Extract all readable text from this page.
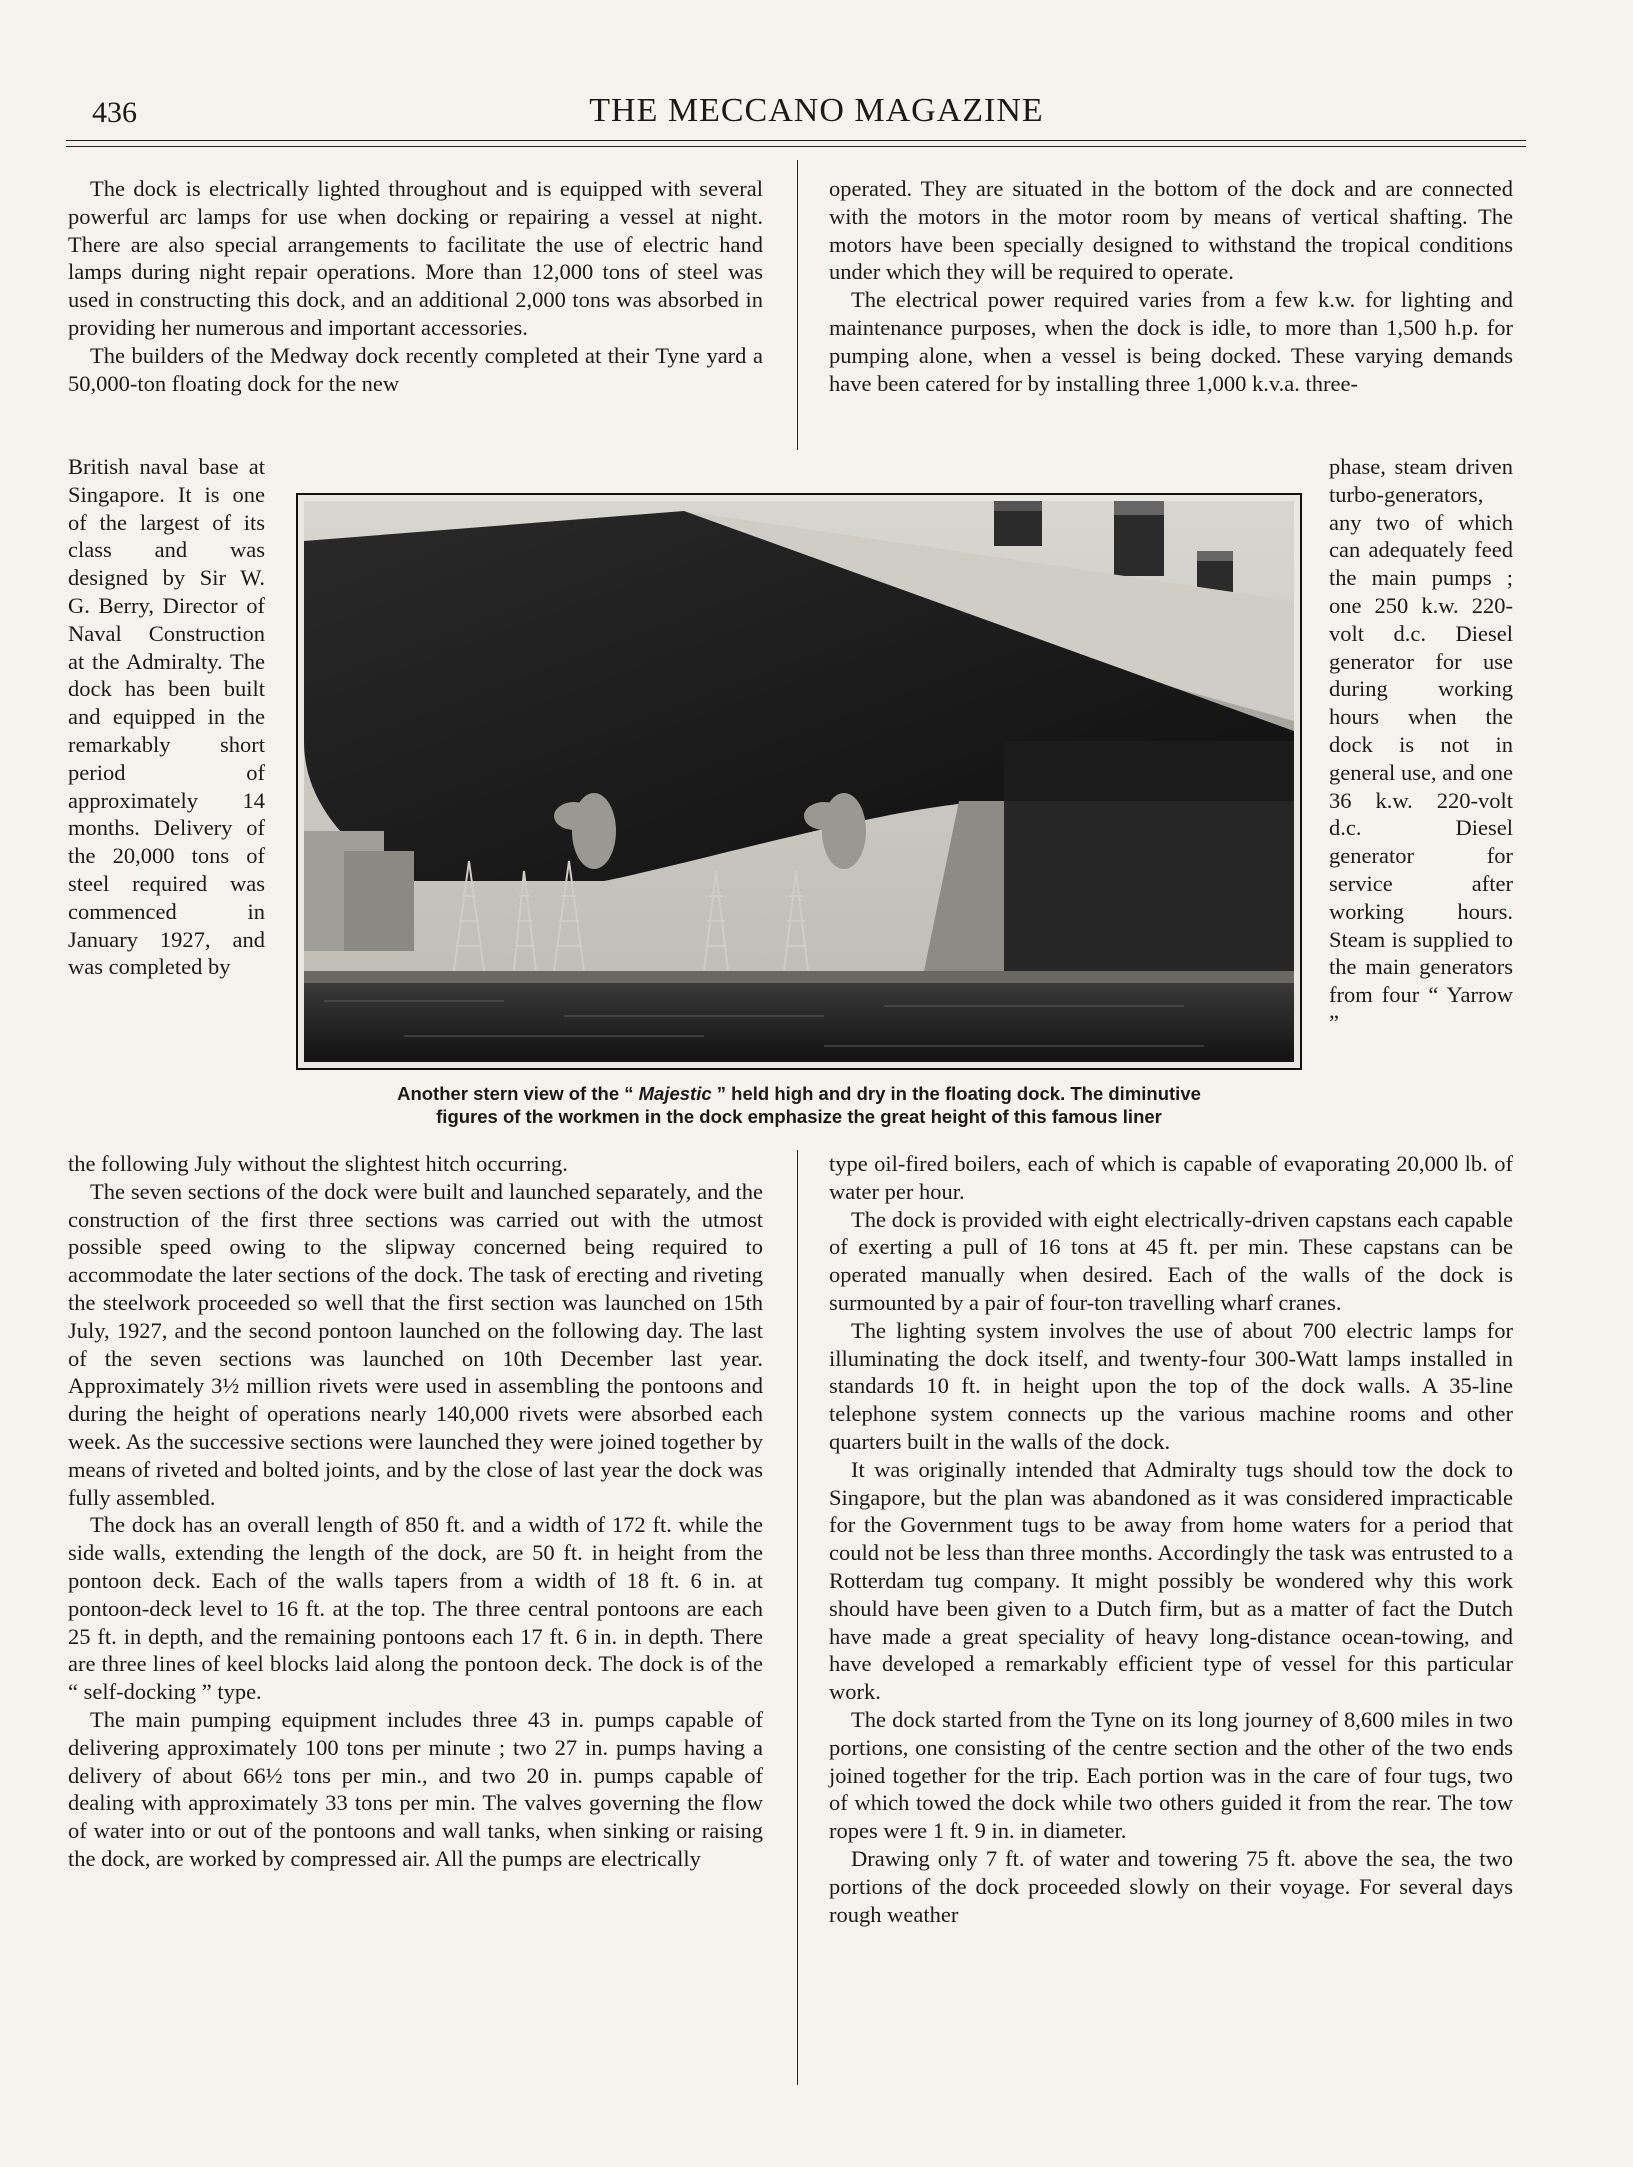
436	THE MECCANO MAGAZINE

The dock is electrically lighted throughout and is equipped with several powerful arc lamps for use when docking or repairing a vessel at night. There are also special arrangements to facilitate the use of electric hand lamps during night repair operations. More than 12,000 tons of steel was used in constructing this dock, and an additional 2,000 tons was absorbed in providing her numerous and important accessories.

The builders of the Medway dock recently completed at their Tyne yard a 50,000-ton floating dock for the new

British naval base at Singapore. It is one of the largest of its class and was designed by Sir W. G. Berry, Director of Naval Construction at the Admiralty. The dock has been built and equipped in the remarkably short period of approximately 14 months. Delivery of the 20,000 tons of steel required was commenced in January 1927, and was completed by

the following July without the slightest hitch occurring.

The seven sections of the dock were built and launched separately, and the construction of the first three sections was carried out with the utmost possible speed owing to the slipway concerned being required to accommodate the later sections of the dock. The task of erecting and riveting the steelwork proceeded so well that the first section was launched on 15th July, 1927, and the second pontoon launched on the following day. The last of the seven sections was launched on 10th December last year. Approximately 3½ million rivets were used in assembling the pontoons and during the height of operations nearly 140,000 rivets were absorbed each week. As the successive sections were launched they were joined together by means of riveted and bolted joints, and by the close of last year the dock was fully assembled.

The dock has an overall length of 850 ft. and a width of 172 ft. while the side walls, extending the length of the dock, are 50 ft. in height from the pontoon deck. Each of the walls tapers from a width of 18 ft. 6 in. at pontoon-deck level to 16 ft. at the top. The three central pontoons are each 25 ft. in depth, and the remaining pontoons each 17 ft. 6 in. in depth. There are three lines of keel blocks laid along the pontoon deck. The dock is of the “ self-docking ” type.

The main pumping equipment includes three 43 in. pumps capable of delivering approximately 100 tons per minute ; two 27 in. pumps having a delivery of about 66½ tons per min., and two 20 in. pumps capable of dealing with approximately 33 tons per min. The valves governing the flow of water into or out of the pontoons and wall tanks, when sinking or raising the dock, are worked by compressed air. All the pumps are electrically

operated. They are situated in the bottom of the dock and are connected with the motors in the motor room by means of vertical shafting. The motors have been specially designed to withstand the tropical conditions under which they will be required to operate.

The electrical power required varies from a few k.w. for lighting and maintenance purposes, when the dock is idle, to more than 1,500 h.p. for pumping alone, when a vessel is being docked. These varying demands have been catered for by installing three 1,000 k.v.a. three-

phase, steam driven turbo-generators, any two of which can adequately feed the main pumps ; one 250 k.w. 220-volt d.c. Diesel generator for use during working hours when the dock is not in general use, and one 36 k.w. 220-volt d.c. Diesel generator for service after working hours. Steam is supplied to the main generators from four “ Yarrow ”

type oil-fired boilers, each of which is capable of evaporating 20,000 lb. of water per hour.

The dock is provided with eight electrically-driven capstans each capable of exerting a pull of 16 tons at 45 ft. per min. These capstans can be operated manually when desired. Each of the walls of the dock is surmounted by a pair of four-ton travelling wharf cranes.

The lighting system involves the use of about 700 electric lamps for illuminating the dock itself, and twenty-four 300-Watt lamps installed in standards 10 ft. in height upon the top of the dock walls. A 35-line telephone system connects up the various machine rooms and other quarters built in the walls of the dock.

It was originally intended that Admiralty tugs should tow the dock to Singapore, but the plan was abandoned as it was considered impracticable for the Government tugs to be away from home waters for a period that could not be less than three months. Accordingly the task was entrusted to a Rotterdam tug company. It might possibly be wondered why this work should have been given to a Dutch firm, but as a matter of fact the Dutch have made a great speciality of heavy long-distance ocean-towing, and have developed a remarkably efficient type of vessel for this particular work.

The dock started from the Tyne on its long journey of 8,600 miles in two portions, one consisting of the centre section and the other of the two ends joined together for the trip. Each portion was in the care of four tugs, two of which towed the dock while two others guided it from the rear. The tow ropes were 1 ft. 9 in. in diameter.

Drawing only 7 ft. of water and towering 75 ft. above the sea, the two portions of the dock proceeded slowly on their voyage. For several days rough weather

Another stern view of the “ Majestic ” held high and dry in the floating dock. The diminutive
figures of the workmen in the dock emphasize the great height of this famous liner
